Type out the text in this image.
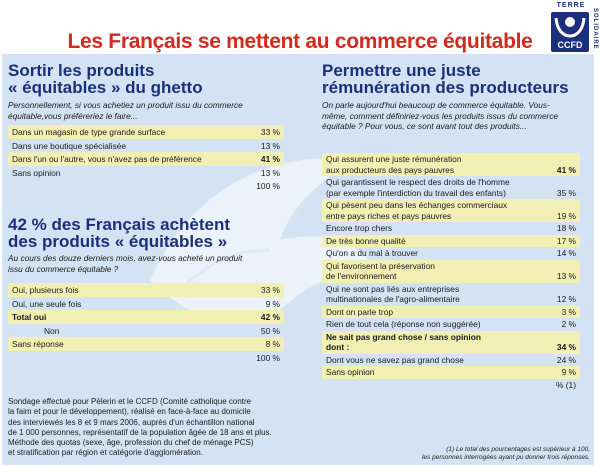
Les Français se mettent au commerce équitable
TERRE
CCFD	SOLIDAIRE
Sortir les produits
« équitables » du ghetto
Personnellement, si vous achetiez un produit issu du commerce équitable,vous préféreriez le faire...
Dans un magasin de type grande surface	33 %
Dans une boutique spécialisée	13 %
Dans l'un ou l'autre, vous n'avez pas de préférence	41 %
Sans opinion	13 %
100 %
42 % des Français achètent
des produits « équitables »
Au cours des douze derniers mois, avez-vous acheté un produit issu du commerce équitable ?
Oui, plusieurs fois	33 %
Oui, une seule fois	9 %
Total oui	42 %
Non	50 %
Sans réponse	8 %
100 %
Sondage effectué pour Pèlerin et le CCFD (Comité catholique contre
la faim et pour le développement), réalisé en face-à-face au domicile
des interviewés les 8 et 9 mars 2006, auprès d'un échantillon national
de 1 000 personnes, représentatif de la population âgée de 18 ans et plus.
Méthode des quotas (sexe, âge, profession du chef de ménage PCS)
et stratification par région et catégorie d'agglomération.
Permettre une juste
rémunération des producteurs
On parle aujourd'hui beaucoup de commerce équitable. Vous-même, comment définiriez-vous les produits issus du commerce équitable ? Pour vous, ce sont avant tout des produits...
Qui assurent une juste rémunération
aux producteurs des pays pauvres	41 %
Qui garantissent le respect des droits de l'homme
(par exemple l'interdiction du travail des enfants)	35 %
Qui pèsent peu dans les échanges commerciaux
entre pays riches et pays pauvres	19 %
Encore trop chers	18 %
De très bonne qualité	17 %
Qu'on a du mal à trouver	14 %
Qui favorisent la préservation
de l'environnement	13 %
Qui ne sont pas liés aux entreprises
multinationales de l'agro-alimentaire	12 %
Dont on parle trop	3 %
Rien de tout cela (réponse non suggérée)	2 %
Ne sait pas grand chose / sans opinion
dont :	34 %
Dont vous ne savez pas grand chose	24 %
Sans opinion	9 %
% (1)
(1) Le total des pourcentages est supérieur à 100,
les personnes interrogées ayant pu donner trois réponses.
